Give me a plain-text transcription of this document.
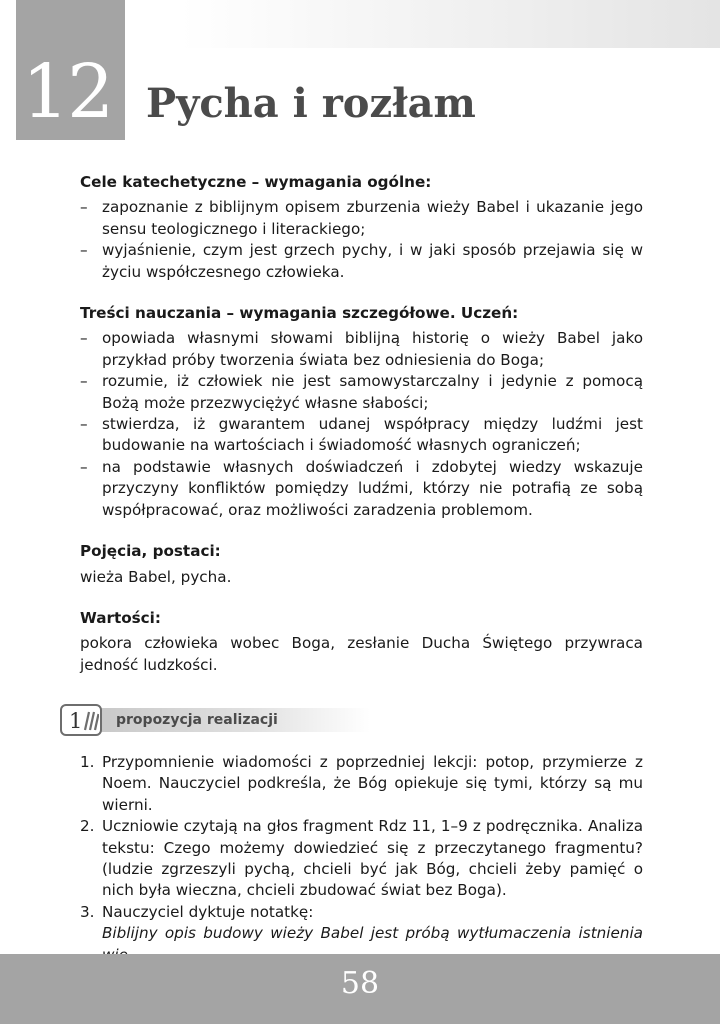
12 Pycha i rozłam

Cele katechetyczne – wymagania ogólne:

– zapoznanie z biblijnym opisem zburzenia wieży Babel i ukazanie jego sensu teologicznego i literackiego;
– wyjaśnienie, czym jest grzech pychy, i w jaki sposób przejawia się w życiu współczesnego człowieka.

Treści nauczania – wymagania szczegółowe. Uczeń:

– opowiada własnymi słowami biblijną historię o wieży Babel jako przykład próby tworzenia świata bez odniesienia do Boga;
– rozumie, iż człowiek nie jest samowystarczalny i jedynie z pomocą Bożą może przezwyciężyć własne słabości;
– stwierdza, iż gwarantem udanej współpracy między ludźmi jest budowanie na wartościach i świadomość własnych ograniczeń;
– na podstawie własnych doświadczeń i zdobytej wiedzy wskazuje przyczyny konfliktów pomiędzy ludźmi, którzy nie potrafią ze sobą współpracować, oraz możliwości zaradzenia problemom.

Pojęcia, postaci:

wieża Babel, pycha.

Wartości:

pokora człowieka wobec Boga, zesłanie Ducha Świętego przywraca jedność ludzkości.

1 propozycja realizacji
1. Przypomnienie wiadomości z poprzedniej lekcji: potop, przymierze z Noem. Nauczyciel podkreśla, że Bóg opiekuje się tymi, którzy są mu wierni.
2. Uczniowie czytają na głos fragment Rdz 11, 1–9 z podręcznika. Analiza tekstu: Czego możemy dowiedzieć się z przeczytanego fragmentu? (ludzie zgrzeszyli pychą, chcieli być jak Bóg, chcieli żeby pamięć o nich była wieczna, chcieli zbudować świat bez Boga).
3. Nauczyciel dyktuje notatkę:
Biblijny opis budowy wieży Babel jest próbą wytłumaczenia istnienia
58
